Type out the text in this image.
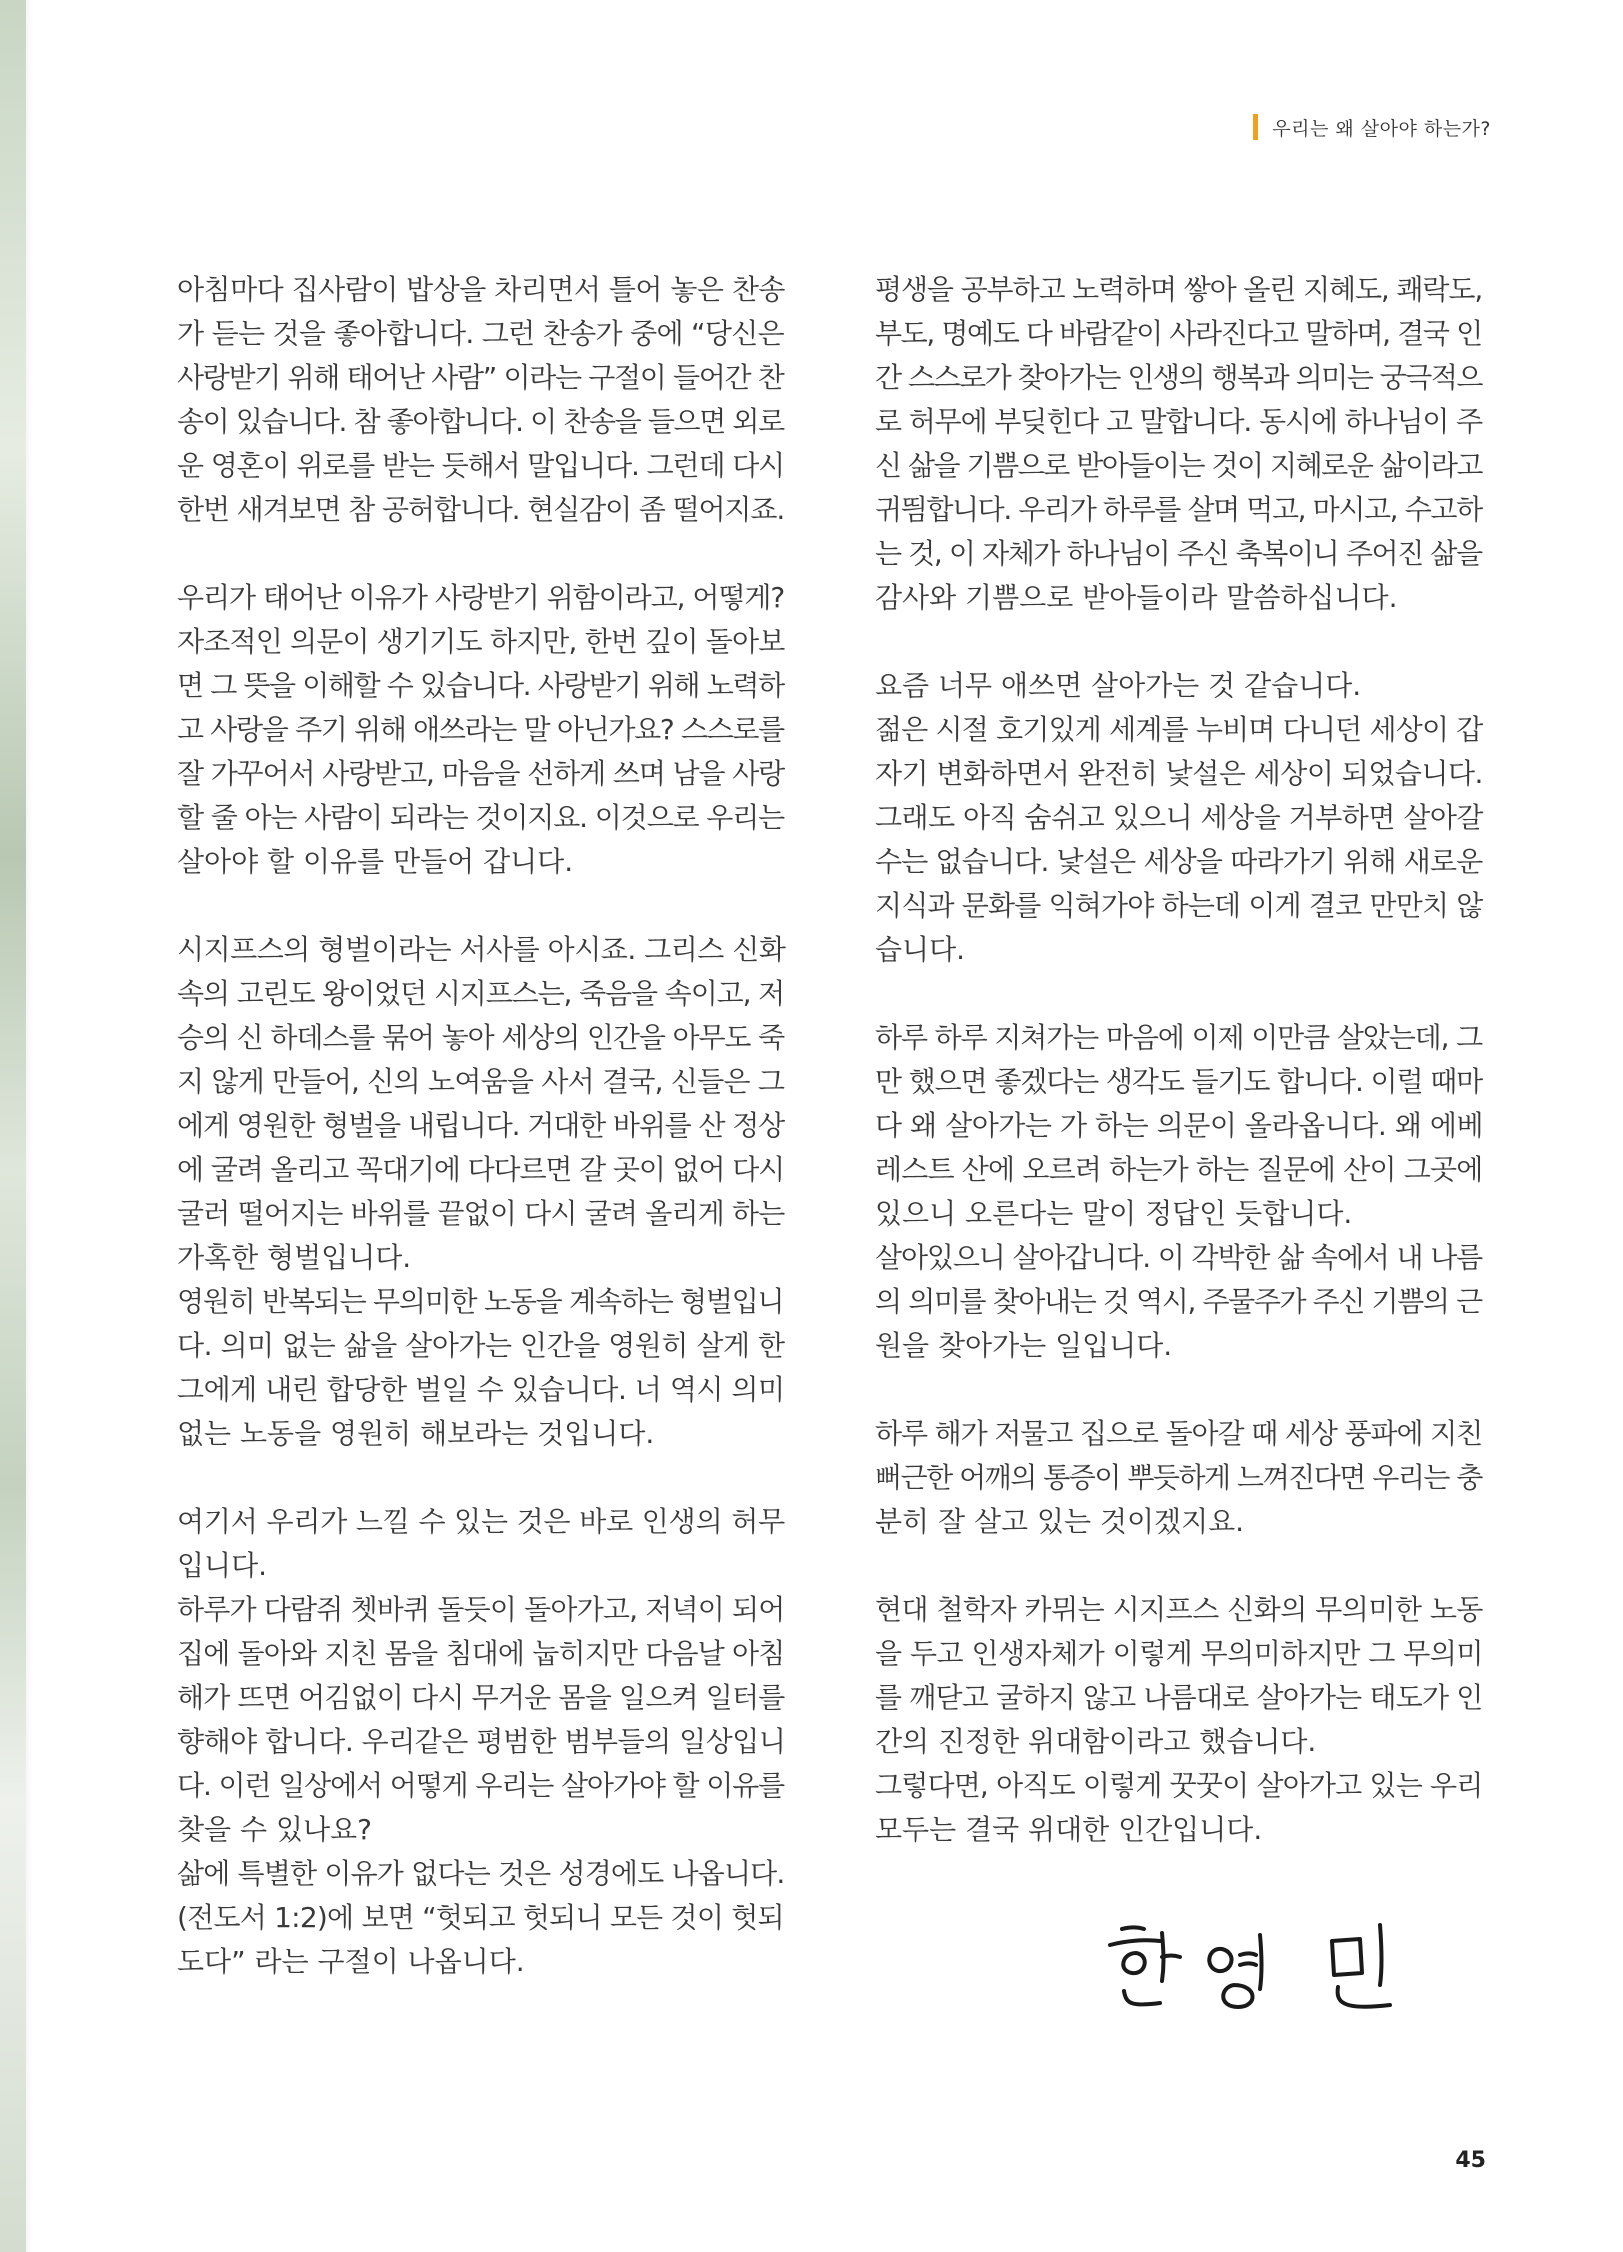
우리는 왜 살아야 하는가?
아침마다 집사람이 밥상을 차리면서 틀어 놓은 찬송
가 듣는 것을 좋아합니다. 그런 찬송가 중에 “당신은
사랑받기 위해 태어난 사람” 이라는 구절이 들어간 찬
송이 있습니다. 참 좋아합니다. 이 찬송을 들으면 외로
운 영혼이 위로를 받는 듯해서 말입니다. 그런데 다시
한번 새겨보면 참 공허합니다. 현실감이 좀 떨어지죠.
우리가 태어난 이유가 사랑받기 위함이라고, 어떻게?
자조적인 의문이 생기기도 하지만, 한번 깊이 돌아보
면 그 뜻을 이해할 수 있습니다. 사랑받기 위해 노력하
고 사랑을 주기 위해 애쓰라는 말 아닌가요? 스스로를
잘 가꾸어서 사랑받고, 마음을 선하게 쓰며 남을 사랑
할 줄 아는 사람이 되라는 것이지요. 이것으로 우리는
살아야 할 이유를 만들어 갑니다.
시지프스의 형벌이라는 서사를 아시죠. 그리스 신화
속의 고린도 왕이었던 시지프스는, 죽음을 속이고, 저
승의 신 하데스를 묶어 놓아 세상의 인간을 아무도 죽
지 않게 만들어, 신의 노여움을 사서 결국, 신들은 그
에게 영원한 형벌을 내립니다. 거대한 바위를 산 정상
에 굴려 올리고 꼭대기에 다다르면 갈 곳이 없어 다시
굴러 떨어지는 바위를 끝없이 다시 굴려 올리게 하는
가혹한 형벌입니다.
영원히 반복되는 무의미한 노동을 계속하는 형벌입니
다. 의미 없는 삶을 살아가는 인간을 영원히 살게 한
그에게 내린 합당한 벌일 수 있습니다. 너 역시 의미
없는 노동을 영원히 해보라는 것입니다.
여기서 우리가 느낄 수 있는 것은 바로 인생의 허무
입니다.
하루가 다람쥐 쳇바퀴 돌듯이 돌아가고, 저녁이 되어
집에 돌아와 지친 몸을 침대에 눕히지만 다음날 아침
해가 뜨면 어김없이 다시 무거운 몸을 일으켜 일터를
향해야 합니다. 우리같은 평범한 범부들의 일상입니
다. 이런 일상에서 어떻게 우리는 살아가야 할 이유를
찾을 수 있나요?
삶에 특별한 이유가 없다는 것은 성경에도 나옵니다.
(전도서 1:2)에 보면 “헛되고 헛되니 모든 것이 헛되
도다” 라는 구절이 나옵니다.
평생을 공부하고 노력하며 쌓아 올린 지혜도, 쾌락도,
부도, 명예도 다 바람같이 사라진다고 말하며, 결국 인
간 스스로가 찾아가는 인생의 행복과 의미는 궁극적으
로 허무에 부딪힌다 고 말합니다. 동시에 하나님이 주
신 삶을 기쁨으로 받아들이는 것이 지혜로운 삶이라고
귀띔합니다. 우리가 하루를 살며 먹고, 마시고, 수고하
는 것, 이 자체가 하나님이 주신 축복이니 주어진 삶을
감사와 기쁨으로 받아들이라 말씀하십니다.
요즘 너무 애쓰면 살아가는 것 같습니다.
젊은 시절 호기있게 세계를 누비며 다니던 세상이 갑
자기 변화하면서 완전히 낯설은 세상이 되었습니다.
그래도 아직 숨쉬고 있으니 세상을 거부하면 살아갈
수는 없습니다. 낯설은 세상을 따라가기 위해 새로운
지식과 문화를 익혀가야 하는데 이게 결코 만만치 않
습니다.
하루 하루 지쳐가는 마음에 이제 이만큼 살았는데, 그
만 했으면 좋겠다는 생각도 들기도 합니다. 이럴 때마
다 왜 살아가는 가 하는 의문이 올라옵니다. 왜 에베
레스트 산에 오르려 하는가 하는 질문에 산이 그곳에
있으니 오른다는 말이 정답인 듯합니다.
살아있으니 살아갑니다. 이 각박한 삶 속에서 내 나름
의 의미를 찾아내는 것 역시, 주물주가 주신 기쁨의 근
원을 찾아가는 일입니다.
하루 해가 저물고 집으로 돌아갈 때 세상 풍파에 지친
뻐근한 어깨의 통증이 뿌듯하게 느껴진다면 우리는 충
분히 잘 살고 있는 것이겠지요.
현대 철학자 카뮈는 시지프스 신화의 무의미한 노동
을 두고 인생자체가 이렇게 무의미하지만 그 무의미
를 깨닫고 굴하지 않고 나름대로 살아가는 태도가 인
간의 진정한 위대함이라고 했습니다.
그렇다면, 아직도 이렇게 꿋꿋이 살아가고 있는 우리
모두는 결국 위대한 인간입니다.
45
